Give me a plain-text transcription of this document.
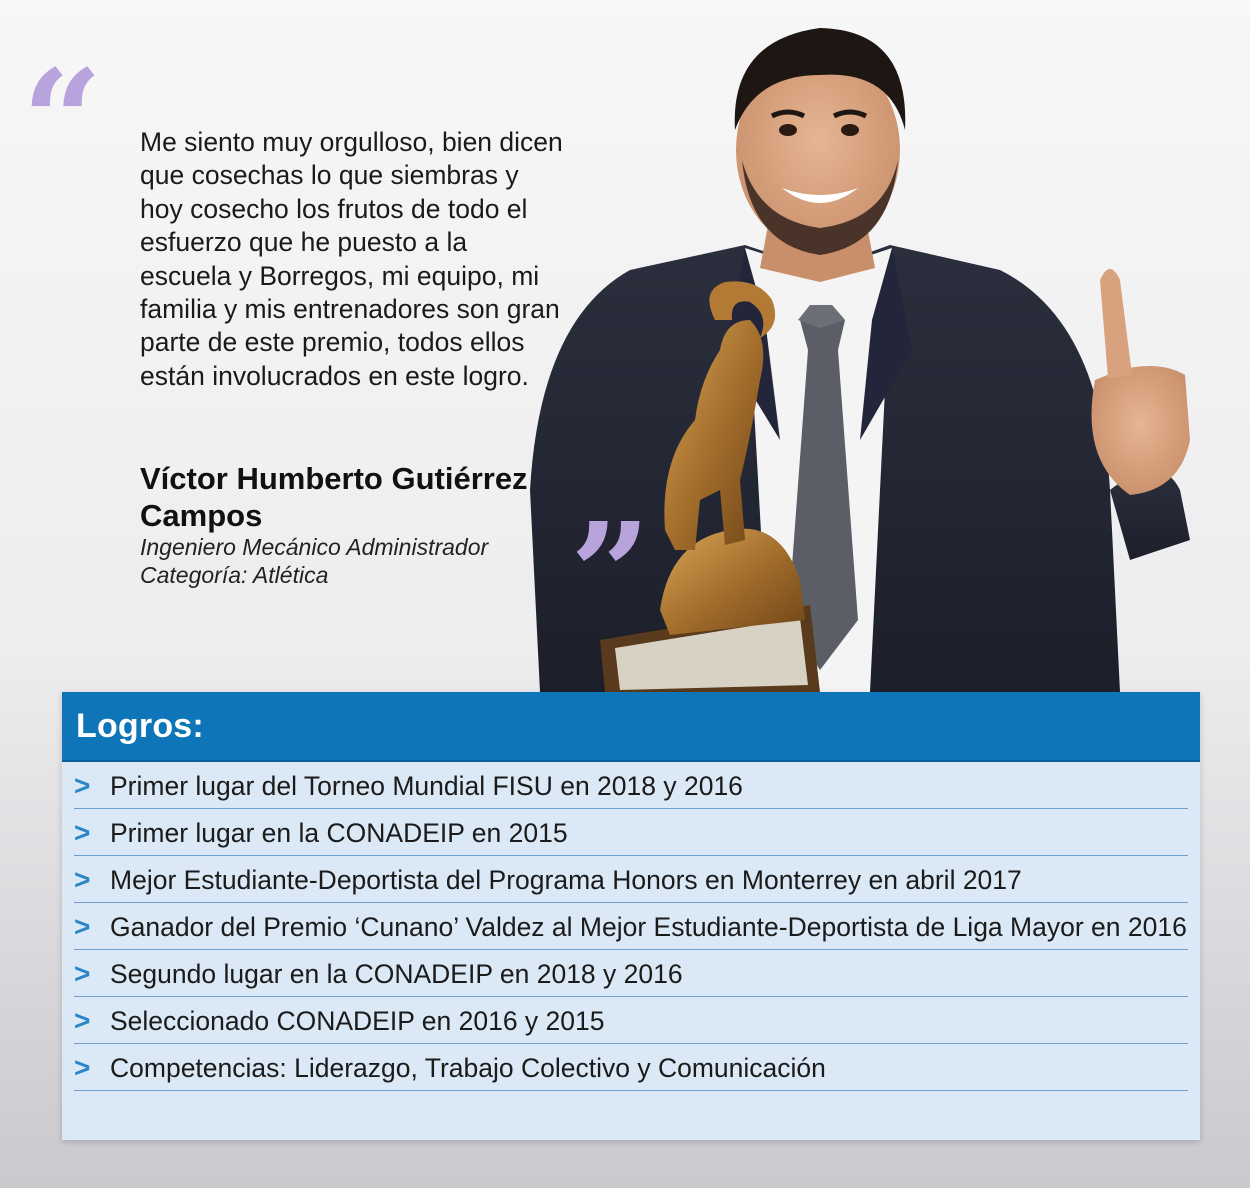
“ Me siento muy orgulloso, bien dicen que cosechas lo que siembras y hoy cosecho los frutos de todo el esfuerzo que he puesto a la escuela y Borregos, mi equipo, mi familia y mis entrenadores son gran parte de este premio, todos ellos están involucrados en este logro.

Víctor Humberto Gutiérrez Campos

Ingeniero Mecánico Administrador
Categoría: Atlética ”
Logros:
> Primer lugar del Torneo Mundial FISU en 2018 y 2016
> Primer lugar en la CONADEIP en 2015
> Mejor Estudiante-Deportista del Programa Honors en Monterrey en abril 2017
> Ganador del Premio ‘Cunano’ Valdez al Mejor Estudiante-Deportista de Liga Mayor en 2016
> Segundo lugar en la CONADEIP en 2018 y 2016
> Seleccionado CONADEIP en 2016 y 2015
> Competencias: Liderazgo, Trabajo Colectivo y Comunicación
